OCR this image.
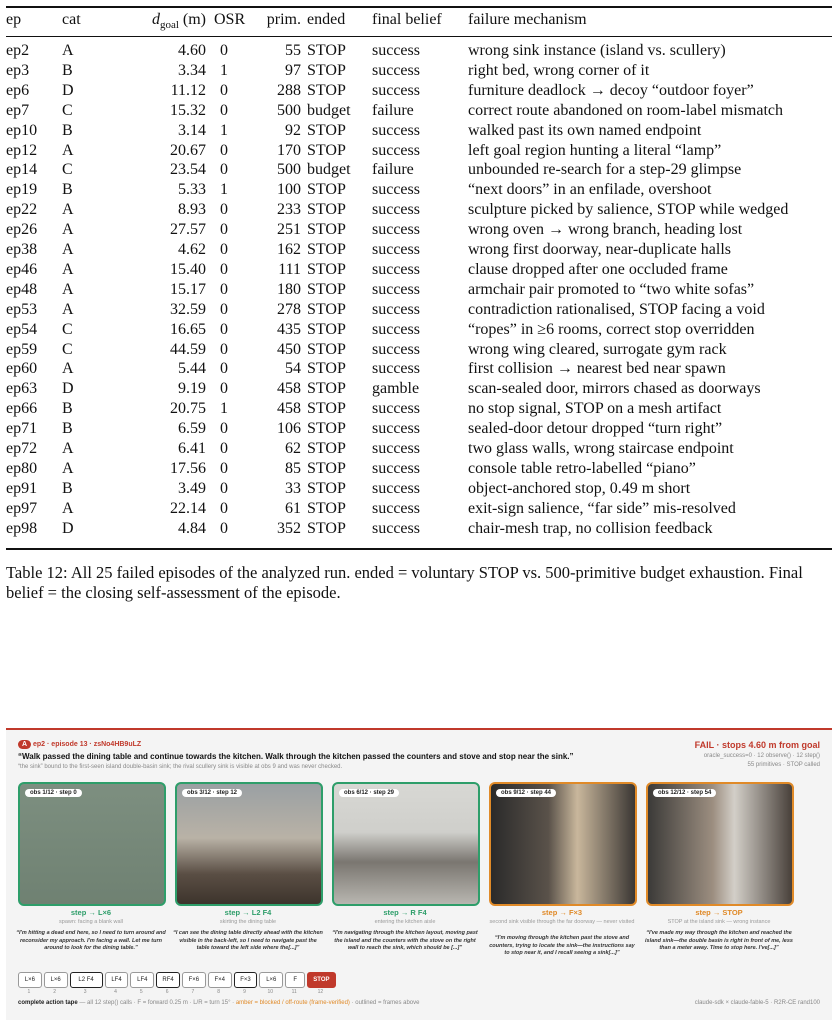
ep	cat	$d_{goal}$ (m) OSR	prim. ended final belief failure mechanism
ep2 A	4.60 0	55 STOP success	wrong sink instance (island vs. scullery)
ep3 B	3.34 1	97 STOP success	right bed, wrong corner of it
ep6 D	11.12 0	288 STOP success	furniture deadlock → decoy “outdoor foyer”
ep7 C	15.32 0	500 budget failure	correct route abandoned on room-label mismatch
ep10 B	3.14 1	92 STOP success	walked past its own named endpoint
ep12 A	20.67 0	170 STOP success	left goal region hunting a literal “lamp”
ep14 C	23.54 0	500 budget failure	unbounded re-search for a step-29 glimpse
ep19 B	5.33 1	100 STOP success	“next doors” in an enfilade, overshoot
ep22 A	8.93 0	233 STOP success	sculpture picked by salience, STOP while wedged
ep26 A	27.57 0	251 STOP success	wrong oven → wrong branch, heading lost
ep38 A	4.62 0	162 STOP success	wrong first doorway, near-duplicate halls
ep46 A	15.40 0	111 STOP success	clause dropped after one occluded frame
ep48 A	15.17 0	180 STOP success	armchair pair promoted to “two white sofas”
ep53 A	32.59 0	278 STOP success	contradiction rationalised, STOP facing a void
ep54 C	16.65 0	435 STOP success	“ropes” in ≥6 rooms, correct stop overridden
ep59 C	44.59 0	450 STOP success	wrong wing cleared, surrogate gym rack
ep60 A	5.44 0	54 STOP success	first collision → nearest bed near spawn
ep63 D	9.19 0	458 STOP gamble	scan-sealed door, mirrors chased as doorways
ep66 B	20.75 1	458 STOP success	no stop signal, STOP on a mesh artifact
ep71 B	6.59 0	106 STOP success	sealed-door detour dropped “turn right”
ep72 A	6.41 0	62 STOP success	two glass walls, wrong staircase endpoint
ep80 A	17.56 0	85 STOP success	console table retro-labelled “piano”
ep91 B	3.49 0	33 STOP success	object-anchored stop, 0.49 m short
ep97 A	22.14 0	61 STOP success	exit-sign salience, “far side” mis-resolved
ep98 D	4.84 0	352 STOP success	chair-mesh trap, no collision feedback
Table 12: All 25 failed episodes of the analyzed run. ended = voluntary STOP vs. 500-primitive budget exhaustion. Final belief = the closing self-assessment of the episode.
A ep2 · episode 13 · zsNo4HB9uLZ
“Walk passed the dining table and continue towards the kitchen. Walk through the kitchen passed the counters and stove and stop near the sink.”
“the sink” bound to the first-seen island double-basin sink; the rival scullery sink is visible at obs 9 and was never checked.
FAIL · stops 4.60 m from goal
oracle_success=0 · 12 observe() · 12 step()
55 primitives · STOP called
obs 1/12 · step 0
step → L×6
spawn: facing a blank wall
“I'm hitting a dead end here, so I need to turn around and reconsider my approach. I'm facing a wall. Let me turn around to look for the dining table.”
obs 3/12 · step 12
step → L2 F4
skirting the dining table
“I can see the dining table directly ahead with the kitchen visible in the back-left, so I need to navigate past the table toward the left side where the[...]”
obs 6/12 · step 29
step → R F4
entering the kitchen aisle
“I'm navigating through the kitchen layout, moving past the island and the counters with the stove on the right wall to reach the sink, which should be [...]”
obs 9/12 · step 44
step → F×3
second sink visible through the far doorway — never visited
“I'm moving through the kitchen past the stove and counters, trying to locate the sink—the instructions say to stop near it, and I recall seeing a sink[...]”
obs 12/12 · step 54
step → STOP
STOP at the island sink — wrong instance
“I've made my way through the kitchen and reached the island sink—the double basin is right in front of me, less than a meter away. Time to stop here. I've[...]”
L×6
1
L×6
2
L2 F4
3
LF4
4
LF4
5
RF4
6
F×6
7
F×4
8
F×3
9
L×6
10
F
11
STOP
12
complete action tape — all 12 step() calls · F = forward 0.25 m · L/R = turn 15° · amber = blocked / off-route (frame-verified) · outlined = frames above	claude-sdk × claude-fable-5 · R2R-CE rand100
